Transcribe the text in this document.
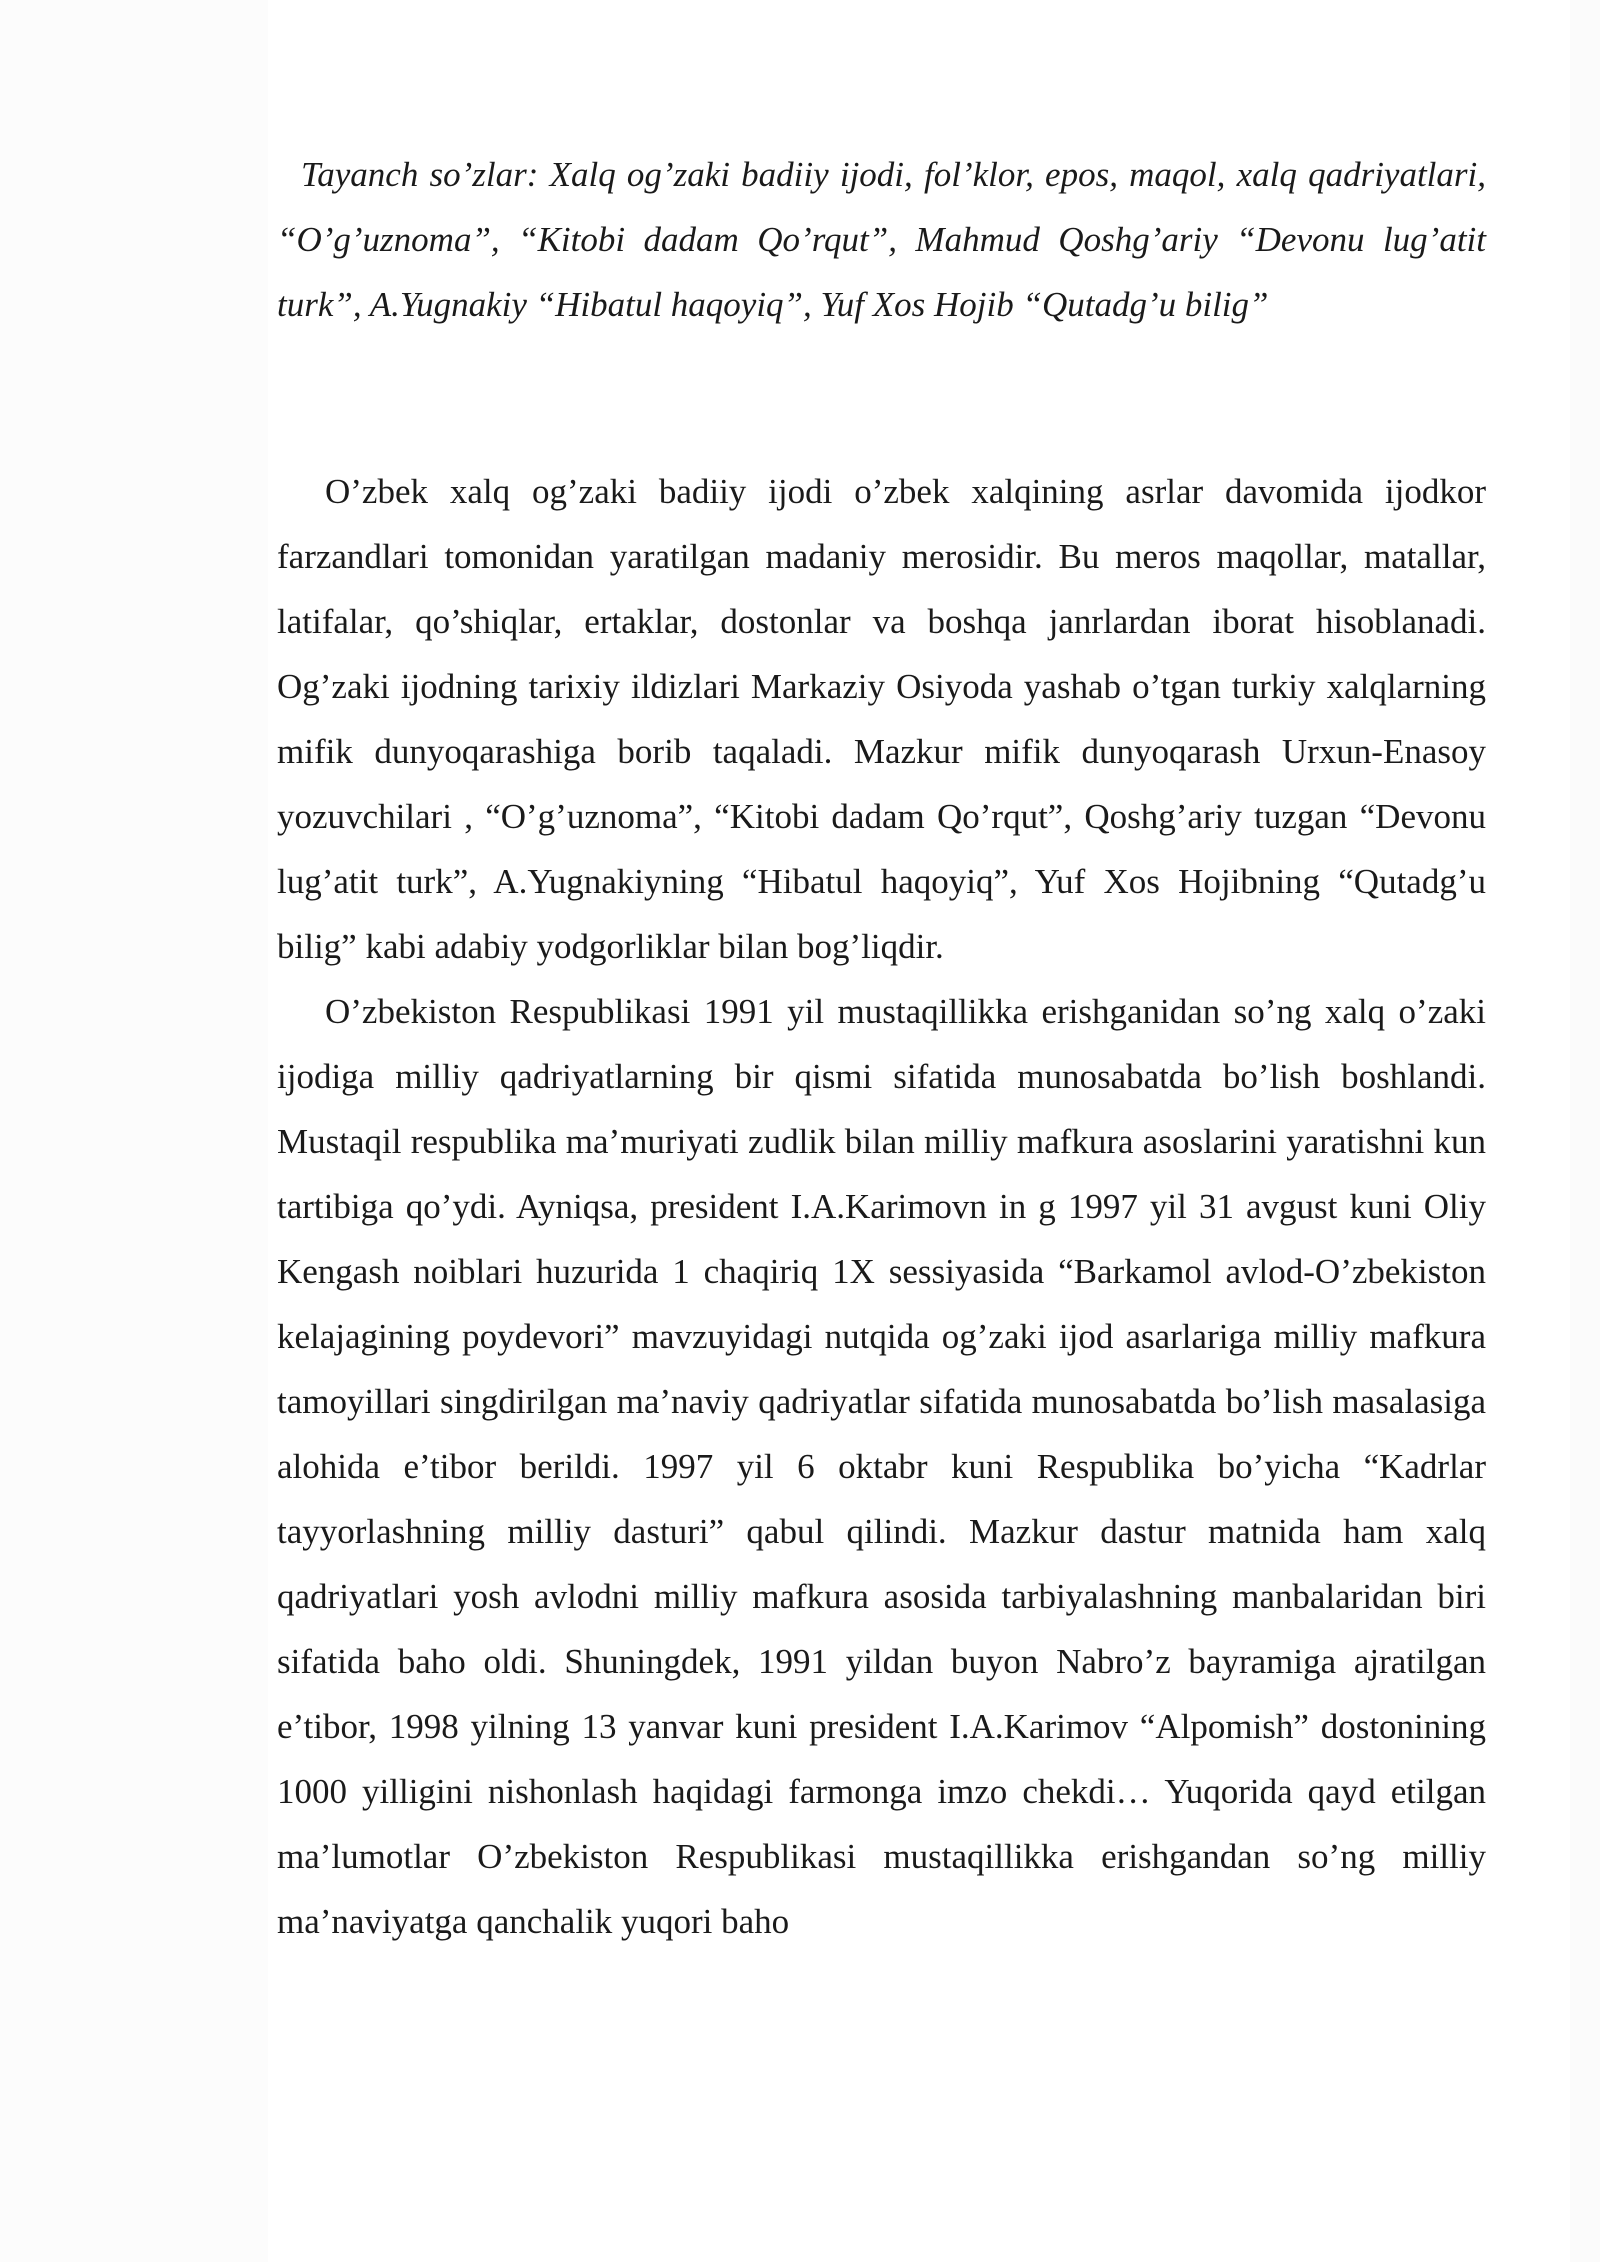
Tayanch so’zlar: Xalq og’zaki badiiy ijodi, fol’klor, epos, maqol, xalq qadriyatlari, “O’g’uznoma”, “Kitobi dadam Qo’rqut”, Mahmud Qoshg’ariy “Devonu lug’atit turk”, A.Yugnakiy “Hibatul haqoyiq”, Yuf Xos Hojib “Qutadg’u bilig”

O’zbek xalq og’zaki badiiy ijodi o’zbek xalqining asrlar davomida ijodkor farzandlari tomonidan yaratilgan madaniy merosidir. Bu meros maqollar, matallar, latifalar, qo’shiqlar, ertaklar, dostonlar va boshqa janrlardan iborat hisoblanadi. Og’zaki ijodning tarixiy ildizlari Markaziy Osiyoda yashab o’tgan turkiy xalqlarning mifik dunyoqarashiga borib taqaladi. Mazkur mifik dunyoqarash Urxun-Enasoy yozuvchilari , “O’g’uznoma”, “Kitobi dadam Qo’rqut”, Qoshg’ariy tuzgan “Devonu lug’atit turk”, A.Yugnakiyning “Hibatul haqoyiq”, Yuf Xos Hojibning “Qutadg’u bilig” kabi adabiy yodgorliklar bilan bog’liqdir.

O’zbekiston Respublikasi 1991 yil mustaqillikka erishganidan so’ng xalq o’zaki ijodiga milliy qadriyatlarning bir qismi sifatida munosabatda bo’lish boshlandi. Mustaqil respublika ma’muriyati zudlik bilan milliy mafkura asoslarini yaratishni kun tartibiga qo’ydi. Ayniqsa, president I.A.Karimovn in g 1997 yil 31 avgust kuni Oliy Kengash noiblari huzurida 1 chaqiriq 1X sessiyasida “Barkamol avlod-O’zbekiston kelajagining poydevori” mavzuyidagi nutqida og’zaki ijod asarlariga milliy mafkura tamoyillari singdirilgan ma’naviy qadriyatlar sifatida munosabatda bo’lish masalasiga alohida e’tibor berildi. 1997 yil 6 oktabr kuni Respublika bo’yicha “Kadrlar tayyorlashning milliy dasturi” qabul qilindi. Mazkur dastur matnida ham xalq qadriyatlari yosh avlodni milliy mafkura asosida tarbiyalashning manbalaridan biri sifatida baho oldi. Shuningdek, 1991 yildan buyon Nabro’z bayramiga ajratilgan e’tibor, 1998 yilning 13 yanvar kuni president I.A.Karimov “Alpomish” dostonining 1000 yilligini nishonlash haqidagi farmonga imzo chekdi… Yuqorida qayd etilgan ma’lumotlar O’zbekiston Respublikasi mustaqillikka erishgandan so’ng milliy ma’naviyatga qanchalik yuqori baho
